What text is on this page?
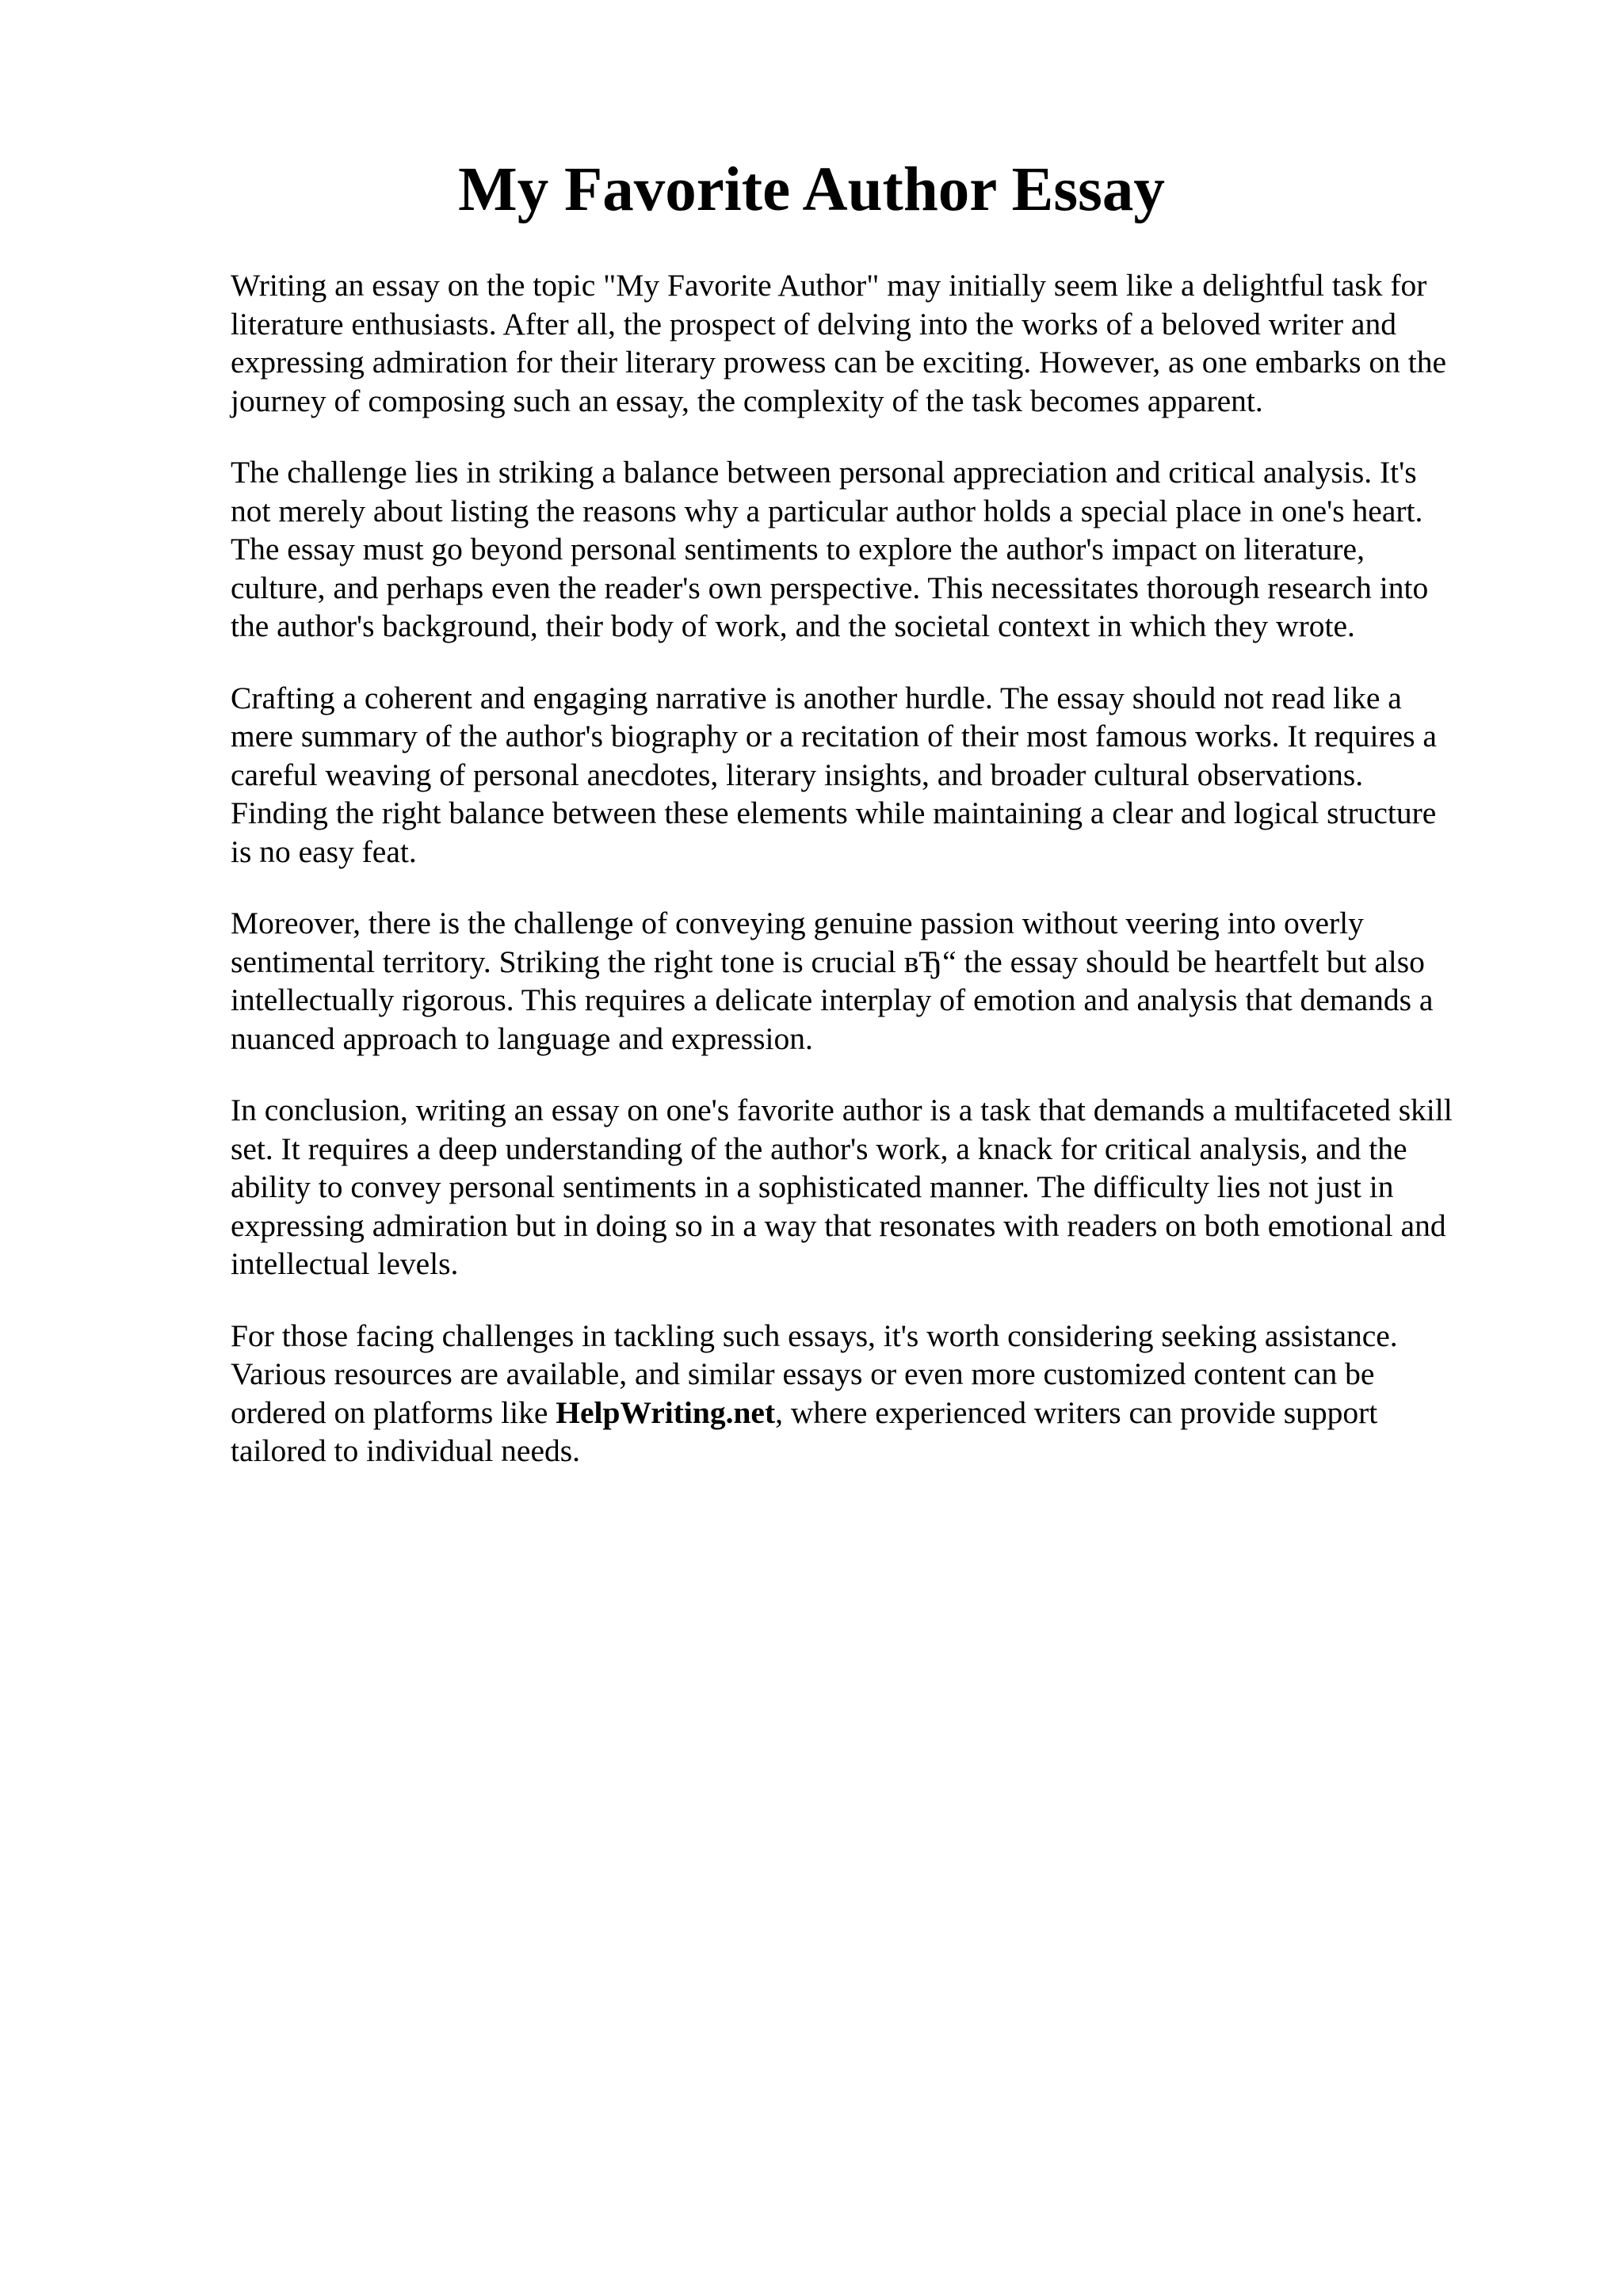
My Favorite Author Essay

Writing an essay on the topic "My Favorite Author" may initially seem like a delightful task for
literature enthusiasts. After all, the prospect of delving into the works of a beloved writer and
expressing admiration for their literary prowess can be exciting. However, as one embarks on the
journey of composing such an essay, the complexity of the task becomes apparent.

The challenge lies in striking a balance between personal appreciation and critical analysis. It's
not merely about listing the reasons why a particular author holds a special place in one's heart.
The essay must go beyond personal sentiments to explore the author's impact on literature,
culture, and perhaps even the reader's own perspective. This necessitates thorough research into
the author's background, their body of work, and the societal context in which they wrote.

Crafting a coherent and engaging narrative is another hurdle. The essay should not read like a
mere summary of the author's biography or a recitation of their most famous works. It requires a
careful weaving of personal anecdotes, literary insights, and broader cultural observations.
Finding the right balance between these elements while maintaining a clear and logical structure
is no easy feat.

Moreover, there is the challenge of conveying genuine passion without veering into overly
sentimental territory. Striking the right tone is crucial вЂ“ the essay should be heartfelt but also
intellectually rigorous. This requires a delicate interplay of emotion and analysis that demands a
nuanced approach to language and expression.

In conclusion, writing an essay on one's favorite author is a task that demands a multifaceted skill
set. It requires a deep understanding of the author's work, a knack for critical analysis, and the
ability to convey personal sentiments in a sophisticated manner. The difficulty lies not just in
expressing admiration but in doing so in a way that resonates with readers on both emotional and
intellectual levels.

For those facing challenges in tackling such essays, it's worth considering seeking assistance.
Various resources are available, and similar essays or even more customized content can be
ordered on platforms like HelpWriting.net, where experienced writers can provide support
tailored to individual needs.
